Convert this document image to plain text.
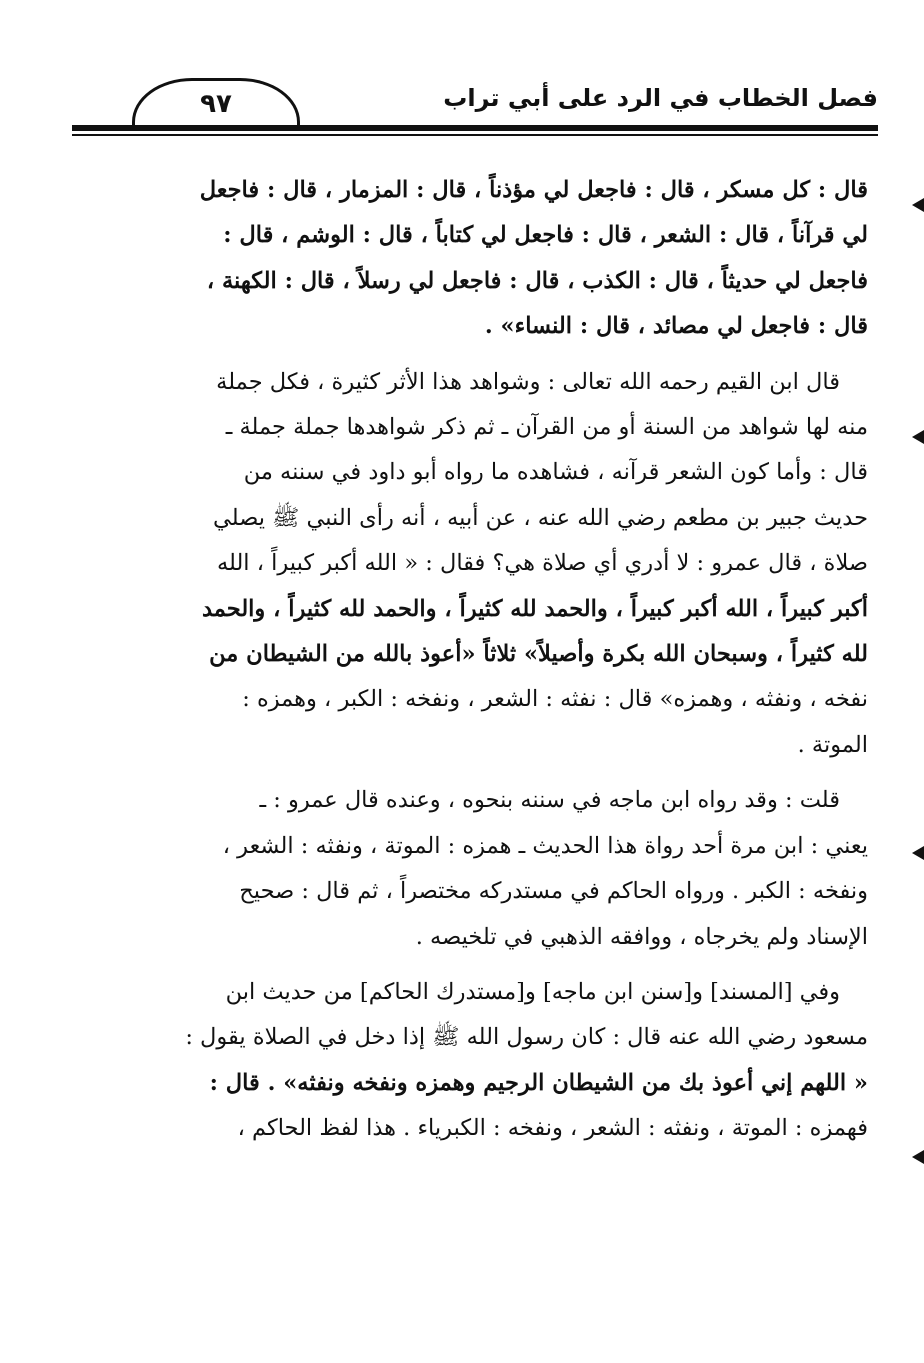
٩٧	فصل الخطاب في الرد على أبي تراب

قال : كل مسكر ، قال : فاجعل لي مؤذناً ، قال : المزمار ، قال : فاجعل
لي قرآناً ، قال : الشعر ، قال : فاجعل لي كتاباً ، قال : الوشم ، قال :
فاجعل لي حديثاً ، قال : الكذب ، قال : فاجعل لي رسلاً ، قال : الكهنة ،
قال : فاجعل لي مصائد ، قال : النساء» .

قال ابن القيم رحمه الله تعالى : وشواهد هذا الأثر كثيرة ، فكل جملة
منه لها شواهد من السنة أو من القرآن ـ ثم ذكر شواهدها جملة جملة ـ
قال : وأما كون الشعر قرآنه ، فشاهده ما رواه أبو داود في سننه من
حديث جبير بن مطعم رضي الله عنه ، عن أبيه ، أنه رأى النبي ﷺ يصلي
صلاة ، قال عمرو : لا أدري أي صلاة هي؟ فقال : « الله أكبر كبيراً ، الله
أكبر كبيراً ، الله أكبر كبيراً ، والحمد لله كثيراً ، والحمد لله كثيراً ، والحمد
لله كثيراً ، وسبحان الله بكرة وأصيلاً» ثلاثاً «أعوذ بالله من الشيطان من
نفخه ، ونفثه ، وهمزه» قال : نفثه : الشعر ، ونفخه : الكبر ، وهمزه :
الموتة .

قلت : وقد رواه ابن ماجه في سننه بنحوه ، وعنده قال عمرو : ـ
يعني : ابن مرة أحد رواة هذا الحديث ـ همزه : الموتة ، ونفثه : الشعر ،
ونفخه : الكبر . ورواه الحاكم في مستدركه مختصراً ، ثم قال : صحيح
الإسناد ولم يخرجاه ، ووافقه الذهبي في تلخيصه .

وفي [المسند] و[سنن ابن ماجه] و[مستدرك الحاكم] من حديث ابن
مسعود رضي الله عنه قال : كان رسول الله ﷺ إذا دخل في الصلاة يقول :
« اللهم إني أعوذ بك من الشيطان الرجيم وهمزه ونفخه ونفثه» . قال :
فهمزه : الموتة ، ونفثه : الشعر ، ونفخه : الكبرياء . هذا لفظ الحاكم ،
